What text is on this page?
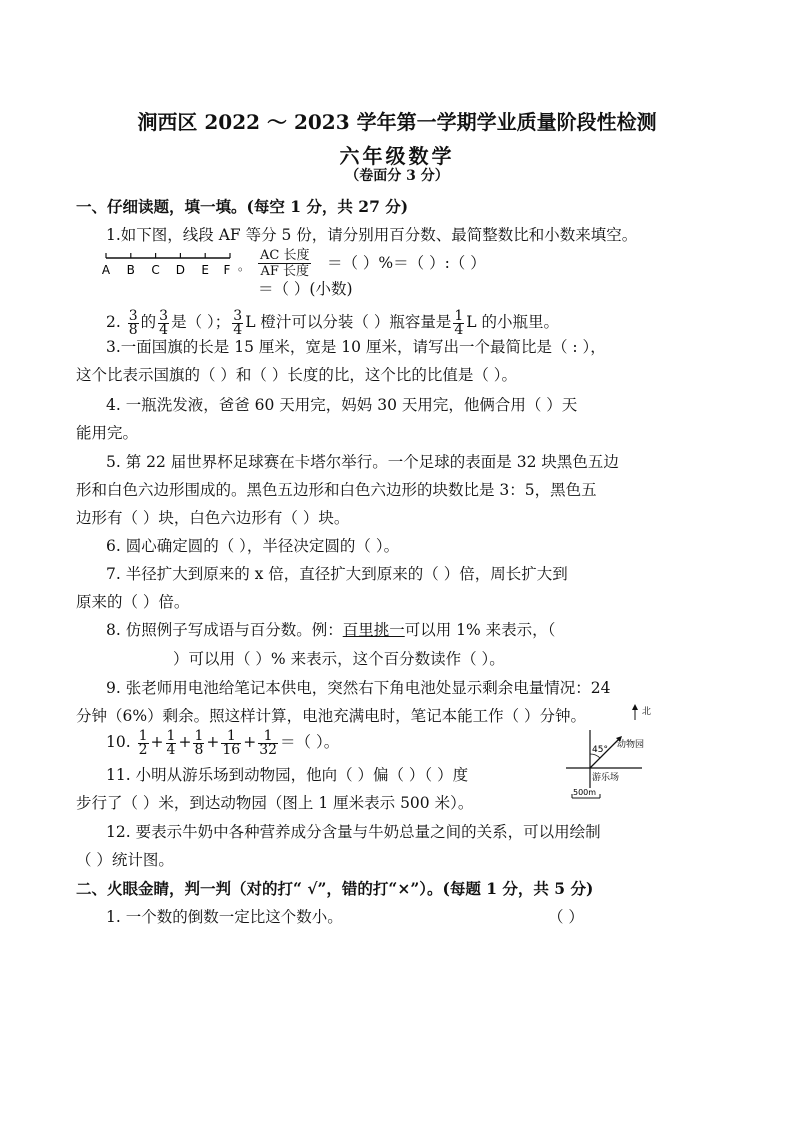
涧西区 2022 ～ 2023 学年第一学期学业质量阶段性检测
六年级数学
（卷面分 3 分）
一、仔细读题，填一填。(每空 1 分，共 27 分)
1.如下图，线段 AF 等分 5 份，请分别用百分数、最简整数比和小数来填空。
A B C D E F 。
AC 长度
AF 长度 ＝（ ）%＝（ ）:（ ）
＝（ ）(小数)
2. $\frac{3}{8}$ 的 $\frac{3}{4}$ 是（ ）； $\frac{3}{4}$ L 橙汁可以分装（ ）瓶容量是 $\frac{1}{4}$ L 的小瓶里。
3.一面国旗的长是 15 厘米，宽是 10 厘米，请写出一个最简比是（ : ），
这个比表示国旗的（ ）和（ ）长度的比，这个比的比值是（ ）。
4. 一瓶洗发液，爸爸 60 天用完，妈妈 30 天用完，他俩合用（ ）天
能用完。
5. 第 22 届世界杯足球赛在卡塔尔举行。一个足球的表面是 32 块黑色五边
形和白色六边形围成的。黑色五边形和白色六边形的块数比是 3：5，黑色五
边形有（ ）块，白色六边形有（ ）块。
6. 圆心确定圆的（ ），半径决定圆的（ ）。
7. 半径扩大到原来的 x 倍，直径扩大到原来的（ ）倍，周长扩大到
原来的（ ）倍。
8. 仿照例子写成语与百分数。例：百里挑一可以用 1% 来表示，（
）可以用（ ）% 来表示，这个百分数读作（ ）。
9. 张老师用电池给笔记本供电，突然右下角电池处显示剩余电量情况：24
分钟（6%）剩余。照这样计算，电池充满电时，笔记本能工作（ ）分钟。
10. $\frac{1}{2} + \frac{1}{4} + \frac{1}{8} + \frac{1}{16} + \frac{1}{32}$ ＝（ ）。
北
45° 动物园
游乐场
500m
11. 小明从游乐场到动物园，他向（ ）偏（ ）（ ）度
步行了（ ）米，到达动物园（图上 1 厘米表示 500 米）。
12. 要表示牛奶中各种营养成分含量与牛奶总量之间的关系，可以用绘制
（ ）统计图。
二、火眼金睛，判一判（对的打“ √”，错的打“×”）。(每题 1 分，共 5 分)
1. 一个数的倒数一定比这个数小。	（ ）
